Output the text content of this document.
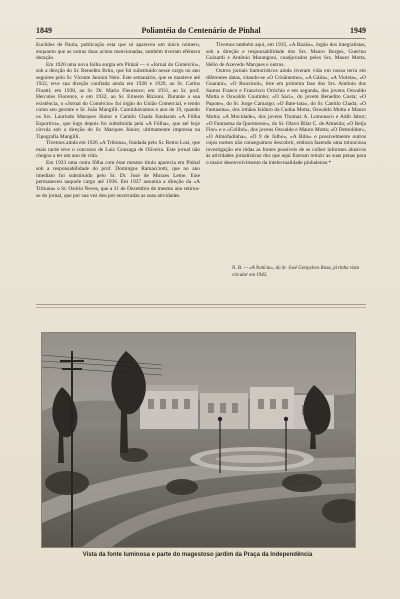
1849	Poliantéia do Centenário de Pinhal	1949

Euclides de Paula, publicação esta que só apareceu um único número, enquanto que as outras duas acima mencionadas, também tiveram efêmera duração.

Em 1926 uma nova folha surgia em Pinhal — o «Jornal do Comércio», sob a direção do Sr. Benedito Brito, que foi substituído nesse cargo no ano seguinte pelo Sr. Vicente Jannini Neto. Este semanário, que se manteve até 1932, teve sua direção confiada ainda em 1928 e 1929, ao Sr. Carlos Finatti; em 1930, ao Sr. Dr. Mario Fleurence; em 1931, ao Sr. prof. Hercules Florence, e em 1932, ao Sr. Ernesto Rizzoni. Durante a sua existência, o «Jornal do Comércio» foi órgão do União Comercial, e tendo como seu gerente o Sr. João Mangilli. Caminhávamos o ano de 19, quando os Srs. Laurindo Marques Júnior e Camilo Chada fundaram «A Fôlha Esportiva», que logo depois foi substituída pela «A Fôlha», que até hoje circula sob a direção do Sr. Marques Júnior, ultimamente impressa na Tipografia Mangilli.

Tivemos ainda em 1926 «A Tribuna», fundada pelo Sr. Remo Losi, que mais tarde teve o concurso de Luiz Gonzaga de Oliveira. Este jornal não chegou a ter um ano de vida.

Em 1933 uma outra fôlha com êsse mesmo título aparecia em Pinhal sob a responsabilidade do prof. Domingos Ramacciotti, que no ano imediato foi substituído pelo Sr. Dr. José de Moraes Leme. Este permaneceu naquele cargo até 1936. Em 1937 assumia a direção da «A Tribuna» o Sr. Osório Neves, que a 31 de Dezembro do mesmo ano retirou-se do jornal, que por sua vez deu por encerradas as suas atividades.

Tivemos também aqui, em 1935, «A Razão», órgão dos integralistas, sob a direção e responsabilidade dos Srs. Mauro Borges, Guerino Guizardi e Antônio Marangoni, coadjuvados pelos Srs. Mauro Motta, Hélio de Azevedo Marques e outros.

Outros jornais humorísticos ainda tiveram vida em nossa terra em diferentes datas, citando-se «O Crisântemo», «A Gáita», «A Violeta», «O Guarani», «O Rouxinol», êste em primeira fase dos Srs. Antônio dos Santos Franco e Francisco Orrichio e em segunda, dos jovens Oswaldo Motta e Oswaldo Coutinho; «O Saci», do jovem Benedito Costa; «O Papote», do Sr. Jorge Camargo; «O Bate-lata», do Sr. Camilo Chada; «O Fantasma», dos irmãos Isidoro da Cunha Motta, Oswaldo Motta e Mauro Motta; «A Mocidade», dos jovens Thomaz A. Lomonaco e Adib Jabur; «O Fantasma da Quermesse», do Sr. Olavo Bilar C. de Almeida; «O Beija Flor» e o «Colibri», dos jovens Oswaldo e Mauro Motta; «O Demolidor», «O Almofadinha», «O 9 de Julho», «A Bilis» e possivelmente outros cujos nomes não conseguimos descobrir, embora fazendo uma minuciosa investigação em tôdas as fontes possíveis de se colher informes alusivos às atividades jornalísticas dos que aqui fizeram reluzir as suas penas para o maior desenvolvimento da intelectualidade pinhalense.*

N. B. — «A Notícia», do Sr. José Gonçalves Rosa, já tinha visto circular em 1942.
Vista da fonte luminosa e parte do magestoso jardim da Praça da Independência
